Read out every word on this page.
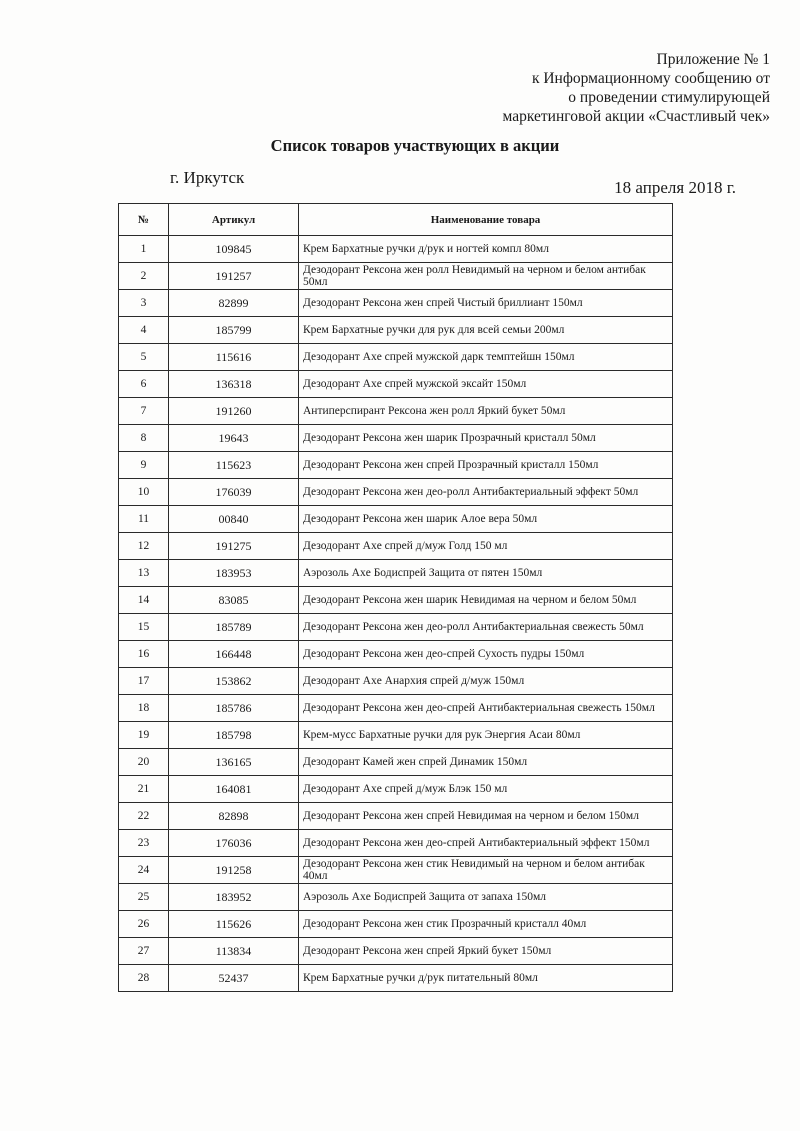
Приложение № 1
к Информационному сообщению от
о проведении стимулирующей
маркетинговой акции «Счастливый чек»
Список товаров участвующих в акции
г. Иркутск
18 апреля 2018 г.
№	Артикул	Наименование товара
1	109845	Крем Бархатные ручки д/рук и ногтей компл 80мл
2	191257	Дезодорант Рексона жен ролл Невидимый на черном и белом антибак 50мл
3	82899	Дезодорант Рексона жен спрей Чистый бриллиант 150мл
4	185799	Крем Бархатные ручки для рук для всей семьи 200мл
5	115616	Дезодорант Axe спрей мужской дарк темптейшн 150мл
6	136318	Дезодорант Axe спрей мужской эксайт 150мл
7	191260	Антиперспирант Рексона жен ролл Яркий букет 50мл
8	19643	Дезодорант Рексона жен шарик Прозрачный кристалл 50мл
9	115623	Дезодорант Рексона жен спрей Прозрачный кристалл 150мл
10	176039	Дезодорант Рексона жен део-ролл Антибактериальный эффект 50мл
11	00840	Дезодорант Рексона жен шарик Алое вера 50мл
12	191275	Дезодорант Axe спрей д/муж Голд 150 мл
13	183953	Аэрозоль Axe Бодиспрей Защита от пятен 150мл
14	83085	Дезодорант Рексона жен шарик Невидимая на черном и белом 50мл
15	185789	Дезодорант Рексона жен део-ролл Антибактериальная свежесть 50мл
16	166448	Дезодорант Рексона жен део-спрей Сухость пудры 150мл
17	153862	Дезодорант Axe Анархия спрей д/муж 150мл
18	185786	Дезодорант Рексона жен део-спрей Антибактериальная свежесть 150мл
19	185798	Крем-мусс Бархатные ручки для рук Энергия Асаи 80мл
20	136165	Дезодорант Камей жен спрей Динамик 150мл
21	164081	Дезодорант Axe спрей д/муж Блэк 150 мл
22	82898	Дезодорант Рексона жен спрей Невидимая на черном и белом 150мл
23	176036	Дезодорант Рексона жен део-спрей Антибактериальный эффект 150мл
24	191258	Дезодорант Рексона жен стик Невидимый на черном и белом антибак 40мл
25	183952	Аэрозоль Axe Бодиспрей Защита от запаха 150мл
26	115626	Дезодорант Рексона жен стик Прозрачный кристалл 40мл
27	113834	Дезодорант Рексона жен спрей Яркий букет 150мл
28	52437	Крем Бархатные ручки д/рук питательный 80мл
